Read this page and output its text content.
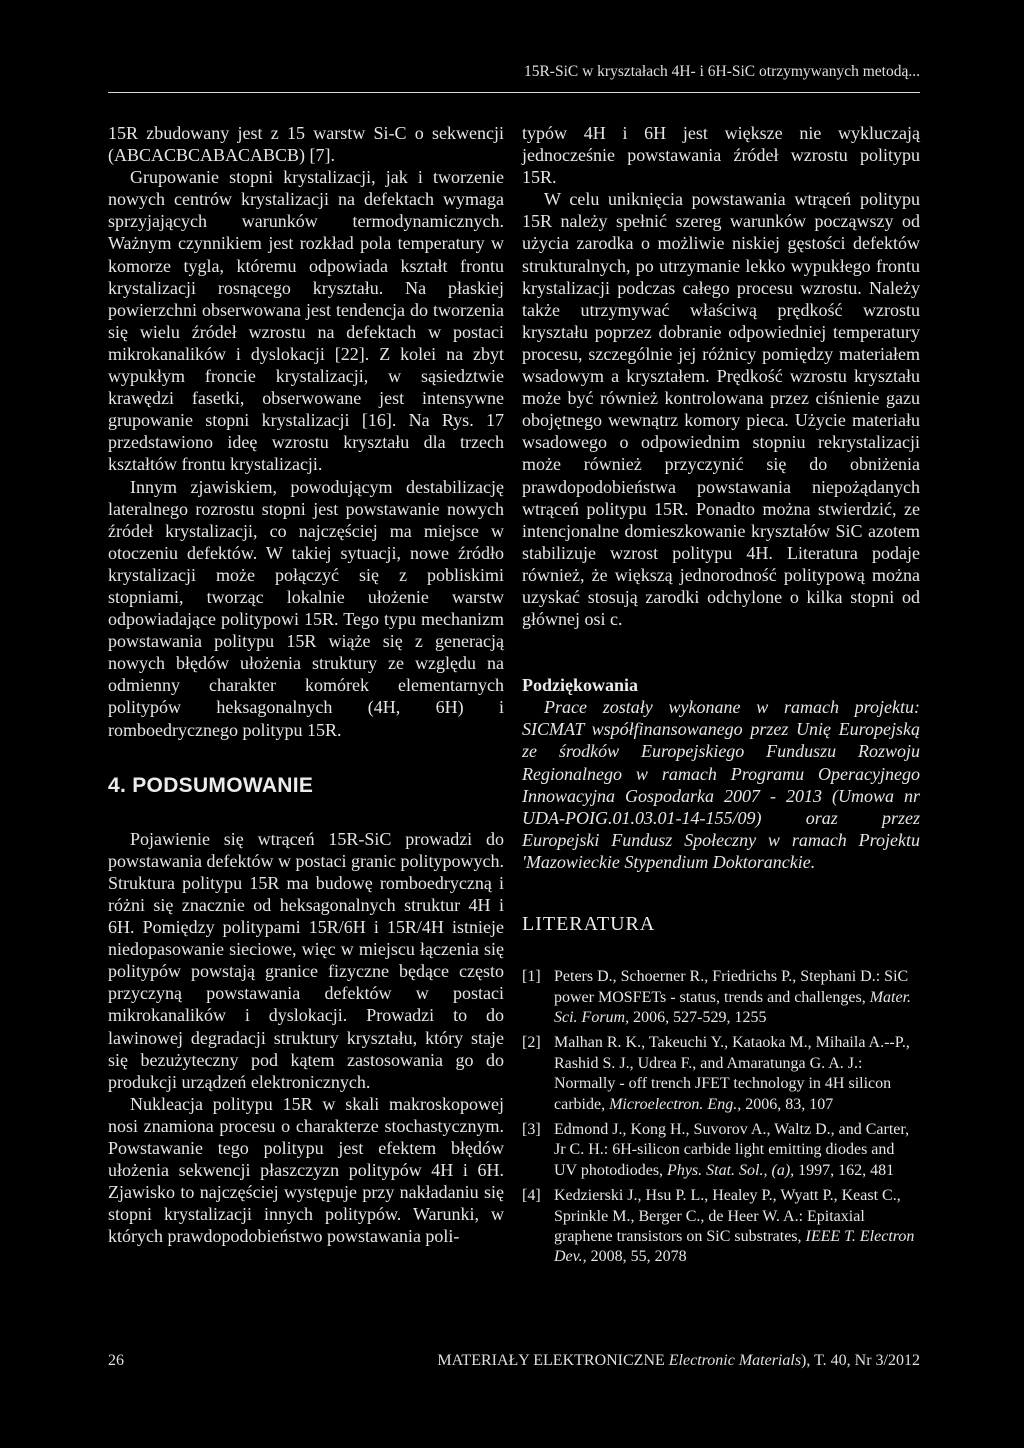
15R-SiC w kryształach 4H- i 6H-SiC otrzymywanych metodą...

15R zbudowany jest z 15 warstw Si-C o sekwencji (ABCACBCABACABCB) [7].

Grupowanie stopni krystalizacji, jak i tworzenie nowych centrów krystalizacji na defektach wymaga sprzyjających warunków termodynamicznych. Ważnym czynnikiem jest rozkład pola temperatury w komorze tygla, któremu odpowiada kształt frontu krystalizacji rosnącego kryształu. Na płaskiej powierzchni obserwowana jest tendencja do tworzenia się wielu źródeł wzrostu na defektach w postaci mikrokanalików i dyslokacji [22]. Z kolei na zbyt wypukłym froncie krystalizacji, w sąsiedztwie krawędzi fasetki, obserwowane jest intensywne grupowanie stopni krystalizacji [16]. Na Rys. 17 przedstawiono ideę wzrostu kryształu dla trzech kształtów frontu krystalizacji.

Innym zjawiskiem, powodującym destabilizację lateralnego rozrostu stopni jest powstawanie nowych źródeł krystalizacji, co najczęściej ma miejsce w otoczeniu defektów. W takiej sytuacji, nowe źródło krystalizacji może połączyć się z pobliskimi stopniami, tworząc lokalnie ułożenie warstw odpowiadające politypowi 15R. Tego typu mechanizm powstawania politypu 15R wiąże się z generacją nowych błędów ułożenia struktury ze względu na odmienny charakter komórek elementarnych politypów heksagonalnych (4H, 6H) i romboedrycznego politypu 15R.

4. PODSUMOWANIE

Pojawienie się wtrąceń 15R-SiC prowadzi do powstawania defektów w postaci granic politypowych. Struktura politypu 15R ma budowę romboedryczną i różni się znacznie od heksagonalnych struktur 4H i 6H. Pomiędzy politypami 15R/6H i 15R/4H istnieje niedopasowanie sieciowe, więc w miejscu łączenia się politypów powstają granice fizyczne będące często przyczyną powstawania defektów w postaci mikrokanalików i dyslokacji. Prowadzi to do lawinowej degradacji struktury kryształu, który staje się bezużyteczny pod kątem zastosowania go do produkcji urządzeń elektronicznych.

Nukleacja politypu 15R w skali makroskopowej nosi znamiona procesu o charakterze stochastycznym. Powstawanie tego politypu jest efektem błędów ułożenia sekwencji płaszczyzn politypów 4H i 6H. Zjawisko to najczęściej występuje przy nakładaniu się stopni krystalizacji innych politypów. Warunki, w których prawdopodobieństwo powstawania poli-

typów 4H i 6H jest większe nie wykluczają jednocześnie powstawania źródeł wzrostu politypu 15R.

W celu uniknięcia powstawania wtrąceń politypu 15R należy spełnić szereg warunków począwszy od użycia zarodka o możliwie niskiej gęstości defektów strukturalnych, po utrzymanie lekko wypukłego frontu krystalizacji podczas całego procesu wzrostu. Należy także utrzymywać właściwą prędkość wzrostu kryształu poprzez dobranie odpowiedniej temperatury procesu, szczególnie jej różnicy pomiędzy materiałem wsadowym a kryształem. Prędkość wzrostu kryształu może być również kontrolowana przez ciśnienie gazu obojętnego wewnątrz komory pieca. Użycie materiału wsadowego o odpowiednim stopniu rekrystalizacji może również przyczynić się do obniżenia prawdopodobieństwa powstawania niepożądanych wtrąceń politypu 15R. Ponadto można stwierdzić, ze intencjonalne domieszkowanie kryształów SiC azotem stabilizuje wzrost politypu 4H. Literatura podaje również, że większą jednorodność politypową można uzyskać stosują zarodki odchylone o kilka stopni od głównej osi c.

Podziękowania

Prace zostały wykonane w ramach projektu: SICMAT współfinansowanego przez Unię Europejską ze środków Europejskiego Funduszu Rozwoju Regionalnego w ramach Programu Operacyjnego Innowacyjna Gospodarka 2007 - 2013 (Umowa nr UDA-POIG.01.03.01-14-155/09) oraz przez Europejski Fundusz Społeczny w ramach Projektu 'Mazowieckie Stypendium Doktoranckie.

LITERATURA
[1] Peters D., Schoerner R., Friedrichs P., Stephani D.: SiC power MOSFETs - status, trends and challenges, Mater. Sci. Forum, 2006, 527-529, 1255
[2] Malhan R. K., Takeuchi Y., Kataoka M., Mihaila A.--P., Rashid S. J., Udrea F., and Amaratunga G. A. J.: Normally - off trench JFET technology in 4H silicon carbide, Microelectron. Eng., 2006, 83, 107
[3] Edmond J., Kong H., Suvorov A., Waltz D., and Carter, Jr C. H.: 6H-silicon carbide light emitting diodes and UV photodiodes, Phys. Stat. Sol., (a), 1997, 162, 481
[4] Kedzierski J., Hsu P. L., Healey P., Wyatt P., Keast C., Sprinkle M., Berger C., de Heer W. A.: Epitaxial graphene transistors on SiC substrates, IEEE T. Electron Dev., 2008, 55, 2078
26	MATERIAŁY ELEKTRONICZNE Electronic Materials), T. 40, Nr 3/2012
